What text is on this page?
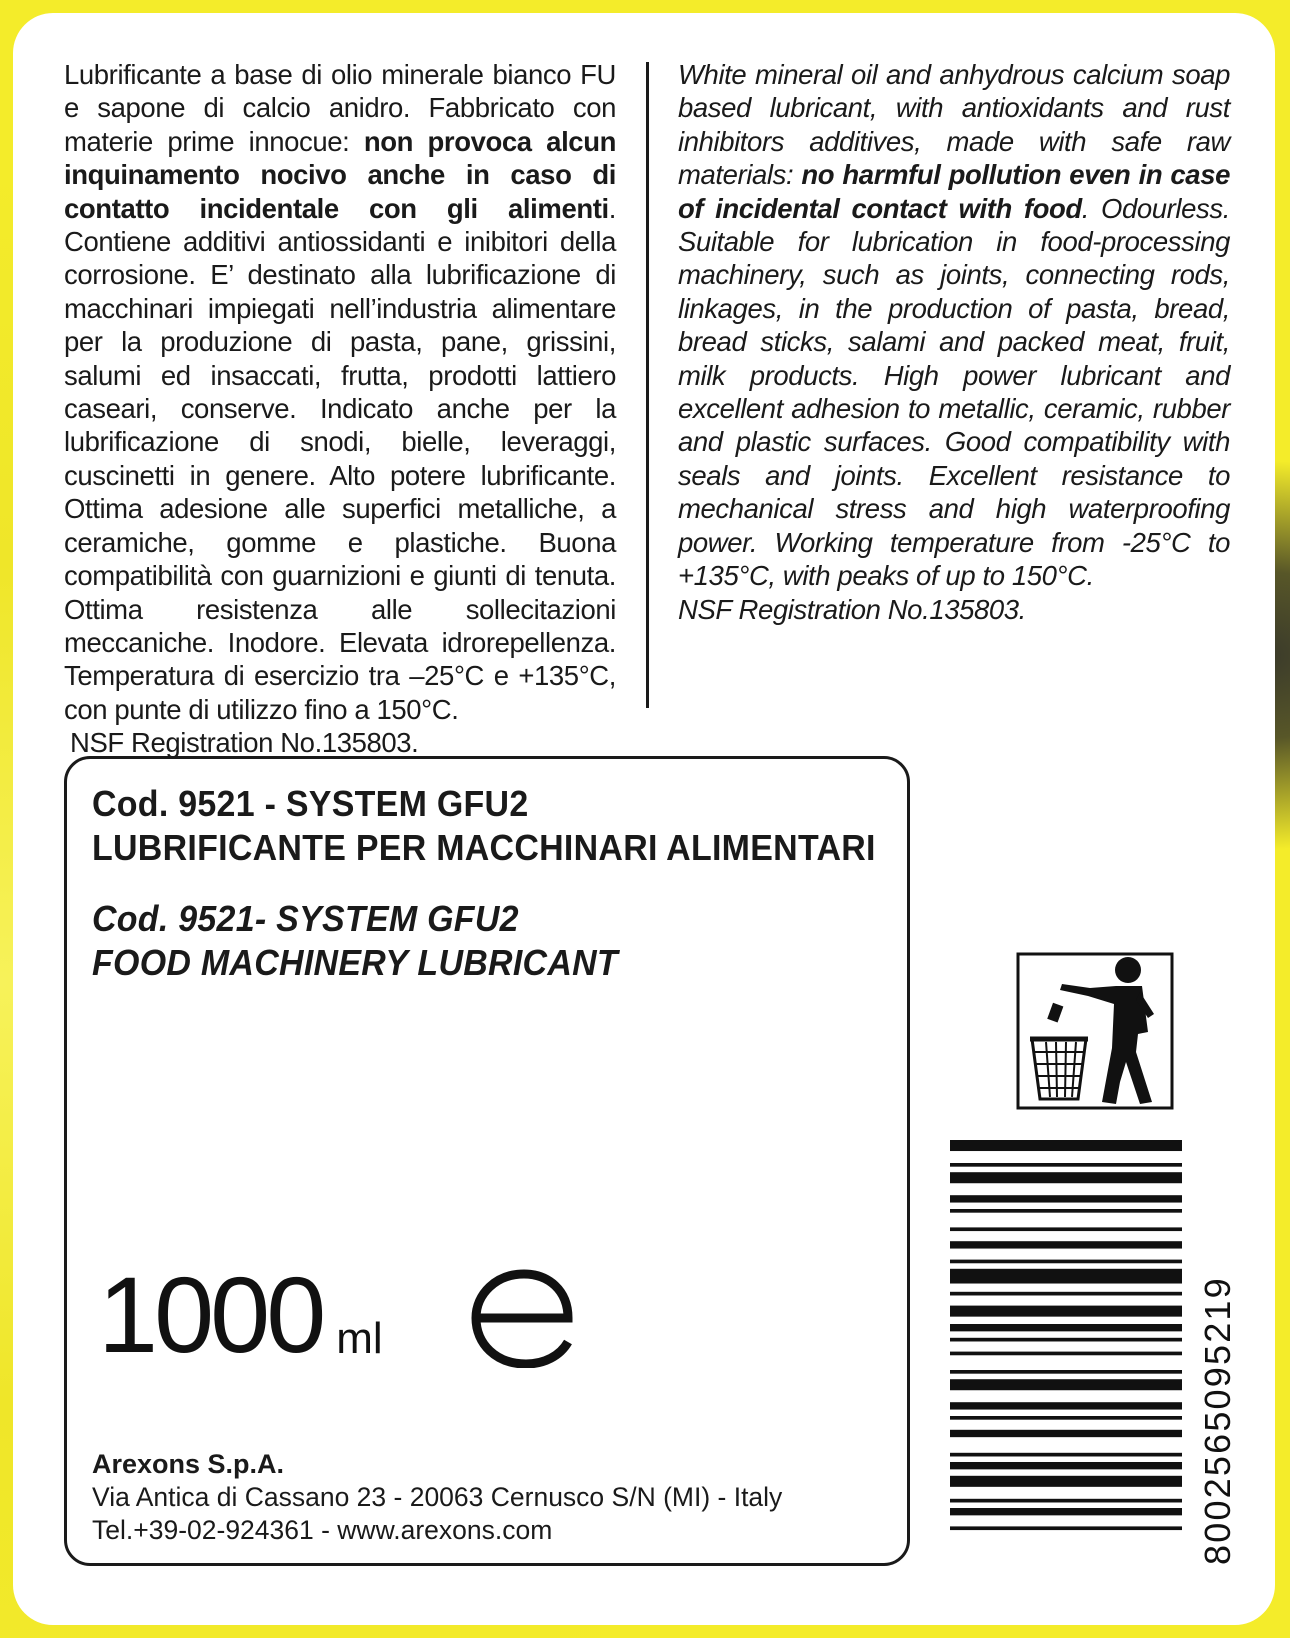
Lubrificante a base di olio minerale bianco FU e sapone di calcio anidro. Fabbricato con materie prime innocue: non provoca alcun inquinamento nocivo anche in caso di contatto incidentale con gli alimenti. Contiene additivi antiossidanti e inibitori della corrosione. E’ destinato alla lubrificazione di macchinari impiegati nell’industria alimentare per la produzione di pasta, pane, grissini, salumi ed insaccati, frutta, prodotti lattiero caseari, conserve. Indicato anche per la lubrificazione di snodi, bielle, leveraggi, cuscinetti in genere. Alto potere lubrificante. Ottima adesione alle superfici metalliche, a ceramiche, gomme e plastiche. Buona compatibilità con guarnizioni e giunti di tenuta. Ottima resistenza alle sollecitazioni meccaniche. Inodore. Elevata idrorepellenza. Temperatura di esercizio tra –25°C e +135°C, con punte di utilizzo fino a 150°C.
NSF Registration No.135803.
White mineral oil and anhydrous calcium soap based lubricant, with antioxidants and rust inhibitors additives, made with safe raw materials: no harmful pollution even in case of incidental contact with food. Odourless. Suitable for lubrication in food-processing machinery, such as joints, connecting rods, linkages, in the production of pasta, bread, bread sticks, salami and packed meat, fruit, milk products. High power lubricant and excellent adhesion to metallic, ceramic, rubber and plastic surfaces. Good compatibility with seals and joints. Excellent resistance to mechanical stress and high waterproofing power. Working temperature from -25°C to +135°C, with peaks of up to 150°C.
NSF Registration No.135803.
Cod. 9521 - SYSTEM GFU2
LUBRIFICANTE PER MACCHINARI ALIMENTARI
Cod. 9521- SYSTEM GFU2
FOOD MACHINERY LUBRICANT
1000 ml
Arexons S.p.A.
Via Antica di Cassano 23 - 20063 Cernusco S/N (MI) - Italy
Tel.+39-02-924361 - www.arexons.com	8002565095219
